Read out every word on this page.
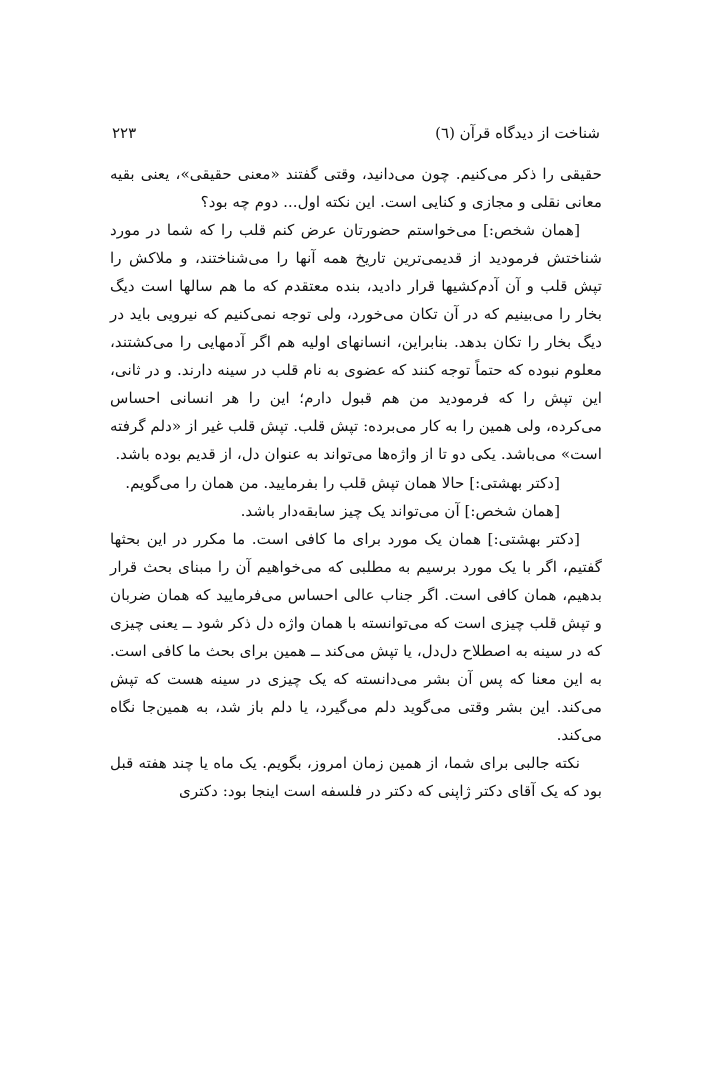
شناخت از دیدگاه قرآن (٦)
۲۲۳

حقیقی را ذکر می‌کنیم. چون می‌دانید، وقتی گفتند «معنی حقیقی»، یعنی بقیه معانی نقلی و مجازی و کنایی است. این نکته اول... دوم چه بود؟

[همان شخص:] می‌خواستم حضورتان عرض کنم قلب را که شما در مورد شناختش فرمودید از قدیمی‌ترین تاریخ همه آنها را می‌شناختند، و ملاکش را تپش قلب و آن آدم‌کشیها قرار دادید، بنده معتقدم که ما هم سالها است دیگ بخار را می‌بینیم که در آن تکان می‌خورد، ولی توجه نمی‌کنیم که نیرویی باید در دیگ بخار را تکان بدهد. بنابراین، انسانهای اولیه هم اگر آدمهایی را می‌کشتند، معلوم نبوده که حتماً توجه کنند که عضوی به نام قلب در سینه دارند. و در ثانی، این تپش را که فرمودید من هم قبول دارم؛ این را هر انسانی احساس می‌کرده، ولی همین را به کار می‌برده: تپش قلب. تپش قلب غیر از «دلم گرفته است» می‌باشد. یکی دو تا از واژه‌ها می‌تواند به عنوان دل، از قدیم بوده باشد.

[دکتر بهشتی:] حالا همان تپش قلب را بفرمایید. من همان را می‌گویم.

[همان شخص:] آن می‌تواند یک چیز سابقه‌دار باشد.

[دکتر بهشتی:] همان یک مورد برای ما کافی است. ما مکرر در این بحثها گفتیم، اگر با یک مورد برسیم به مطلبی که می‌خواهیم آن را مبنای بحث قرار بدهیم، همان کافی است. اگر جناب عالی احساس می‌فرمایید که همان ضربان و تپش قلب چیزی است که می‌توانسته با همان واژه دل ذکر شود ــ یعنی چیزی که در سینه به اصطلاح دل‌دل، یا تپش می‌کند ــ همین برای بحث ما کافی است. به این معنا که پس آن بشر می‌دانسته که یک چیزی در سینه هست که تپش می‌کند. این بشر وقتی می‌گوید دلم می‌گیرد، یا دلم باز شد، به همین‌جا نگاه می‌کند.

نکته جالبی برای شما، از همین زمان امروز، بگویم. یک ماه یا چند هفته قبل بود که یک آقای دکتر ژاپنی که دکتر در فلسفه است اینجا بود: دکتری
